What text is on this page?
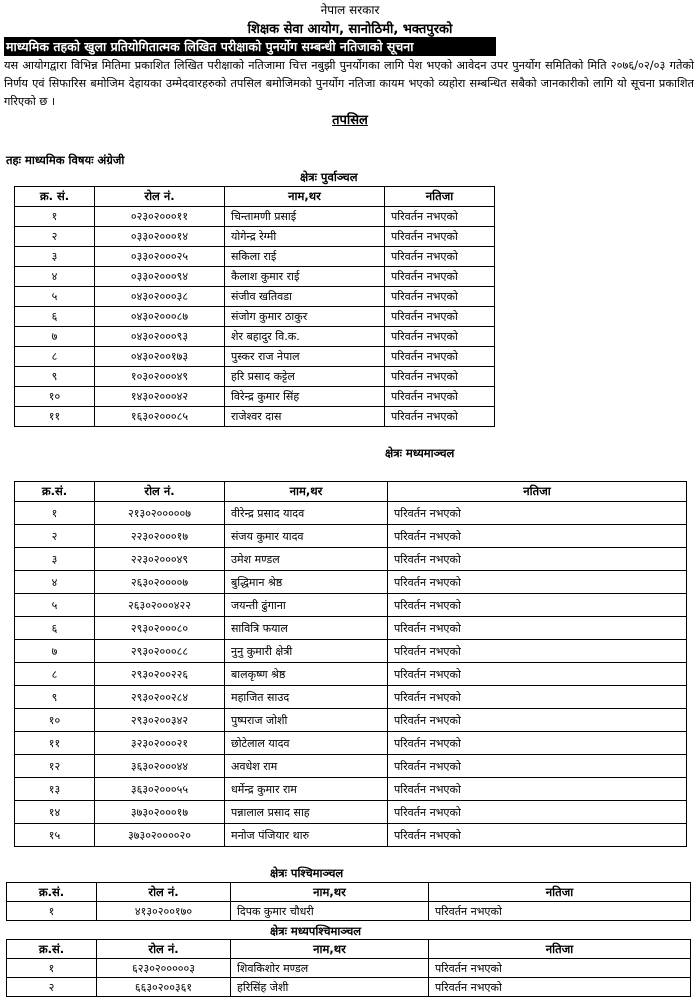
नेपाल सरकार
शिक्षक सेवा आयोग, सानोठिमी, भक्तपुरको
माध्यमिक तहको खुला प्रतियोगितात्मक लिखित परीक्षाको पुनर्योग सम्बन्धी नतिजाको सूचना
यस आयोगद्वारा विभिन्न मितिमा प्रकाशित लिखित परीक्षाको नतिजामा चित्त नबुझी पुनर्योगका लागि पेश भएको आवेदन उपर पुनर्योग समितिको मिति २०७६/०२/०३ गतेको निर्णय एवं सिफारिस बमोजिम देहायका उम्मेदवारहरुको तपसिल बमोजिमको पुनर्योग नतिजा कायम भएको व्यहोरा सम्बन्धित सबैको जानकारीको लागि यो सूचना प्रकाशित गरिएको छ ।
तपसिल
तहः माध्यमिक विषयः अंग्रेजी
क्षेत्रः पुर्वाञ्चल
क्र. सं.	रोल नं.	नाम,थर	नतिजा
१	०२३०२०००११	चिन्तामणी प्रसाई	परिवर्तन नभएको
२	०३३०२०००१४	योगेन्द्र रेग्मी	परिवर्तन नभएको
३	०३३०२०००२५	सकिला राई	परिवर्तन नभएको
४	०३३०२०००९४	कैलाश कुमार राई	परिवर्तन नभएको
५	०४३०२०००३८	संजीव खतिवडा	परिवर्तन नभएको
६	०४३०२०००८७	संजोग कुमार ठाकुर	परिवर्तन नभएको
७	०४३०२०००९३	शेर बहादुर वि.क.	परिवर्तन नभएको
८	०४३०२००१७३	पुस्कर राज नेपाल	परिवर्तन नभएको
९	१०३०२०००४९	हरि प्रसाद कट्टेल	परिवर्तन नभएको
१०	१४३०२०००४२	विरेन्द्र कुमार सिंह	परिवर्तन नभएको
११	१६३०२०००८५	राजेश्वर दास	परिवर्तन नभएको
क्षेत्रः मध्यमाञ्चल
क्र.सं.	रोल नं.	नाम,थर	नतिजा
१	२१३०२०००००७	वीरेन्द्र प्रसाद यादव	परिवर्तन नभएको
२	२२३०२०००१७	संजय कुमार यादव	परिवर्तन नभएको
३	२२३०२०००४९	उमेश मण्डल	परिवर्तन नभएको
४	२६३०२००००७	बुद्धिमान श्रेष्ठ	परिवर्तन नभएको
५	२६३०२०००४२२	जयन्ती ढुंगाना	परिवर्तन नभएको
६	२९३०२०००८०	सावित्रि फयाल	परिवर्तन नभएको
७	२९३०२०००८८	नुनु कुमारी क्षेत्री	परिवर्तन नभएको
८	२९३०२००२२६	बालकृष्ण श्रेष्ठ	परिवर्तन नभएको
९	२९३०२००२८४	महाजित साउद	परिवर्तन नभएको
१०	२९३०२००३४२	पुष्पराज जोशी	परिवर्तन नभएको
११	३२३०२०००२१	छोटेलाल यादव	परिवर्तन नभएको
१२	३६३०२०००४४	अवधेश राम	परिवर्तन नभएको
१३	३६३०२०००५५	धर्मेन्द्र कुमार राम	परिवर्तन नभएको
१४	३७३०२०००१७	पन्नालाल प्रसाद साह	परिवर्तन नभएको
१५	३७३०२००००२०	मनोज पंजियार थारु	परिवर्तन नभएको
क्षेत्रः पश्चिमाञ्चल
क्र.सं.	रोल नं.	नाम,थर	नतिजा
१	४१३०२००१७०	दिपक कुमार चौधरी	परिवर्तन नभएको
क्षेत्रः मध्यपश्चिमाञ्चल
क्र.सं.	रोल नं.	नाम,थर	नतिजा
१	६२३०२०००००३	शिवकिशोर मण्डल	परिवर्तन नभएको
२	६६३०२००३६१	हरिसिंह जेशी	परिवर्तन नभएको
